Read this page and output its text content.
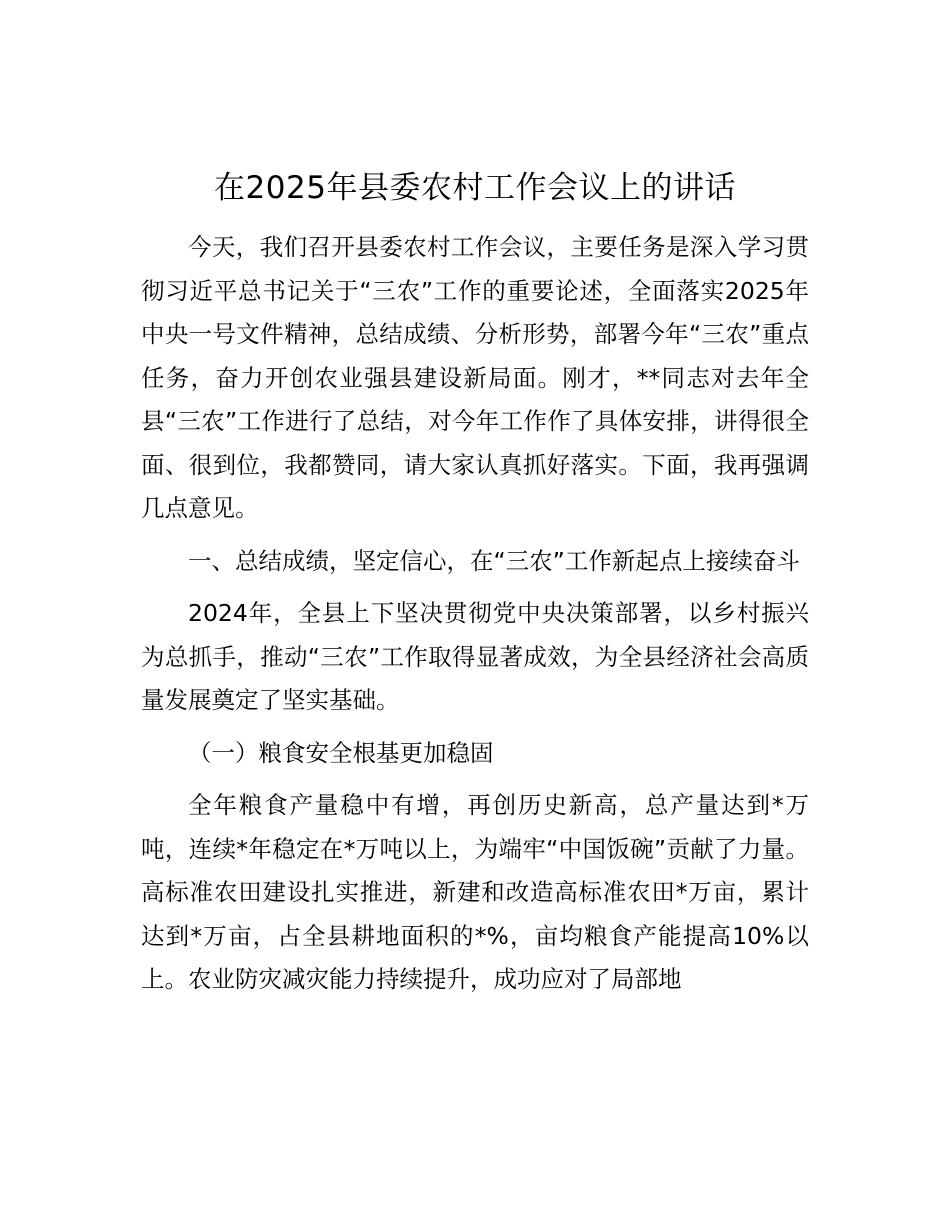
在2025年县委农村工作会议上的讲话

今天，我们召开县委农村工作会议，主要任务是深入学习贯彻习近平总书记关于“三农”工作的重要论述，全面落实2025年中央一号文件精神，总结成绩、分析形势，部署今年“三农”重点任务，奋力开创农业强县建设新局面。刚才，**同志对去年全县“三农”工作进行了总结，对今年工作作了具体安排，讲得很全面、很到位，我都赞同，请大家认真抓好落实。下面，我再强调几点意见。

一、总结成绩，坚定信心，在“三农”工作新起点上接续奋斗

2024年，全县上下坚决贯彻党中央决策部署，以乡村振兴为总抓手，推动“三农”工作取得显著成效，为全县经济社会高质量发展奠定了坚实基础。

（一）粮食安全根基更加稳固

全年粮食产量稳中有增，再创历史新高，总产量达到*万吨，连续*年稳定在*万吨以上，为端牢“中国饭碗”贡献了力量。高标准农田建设扎实推进，新建和改造高标准农田*万亩，累计达到*万亩，占全县耕地面积的*%，亩均粮食产能提高10%以上。农业防灾减灾能力持续提升，成功应对了局部地
